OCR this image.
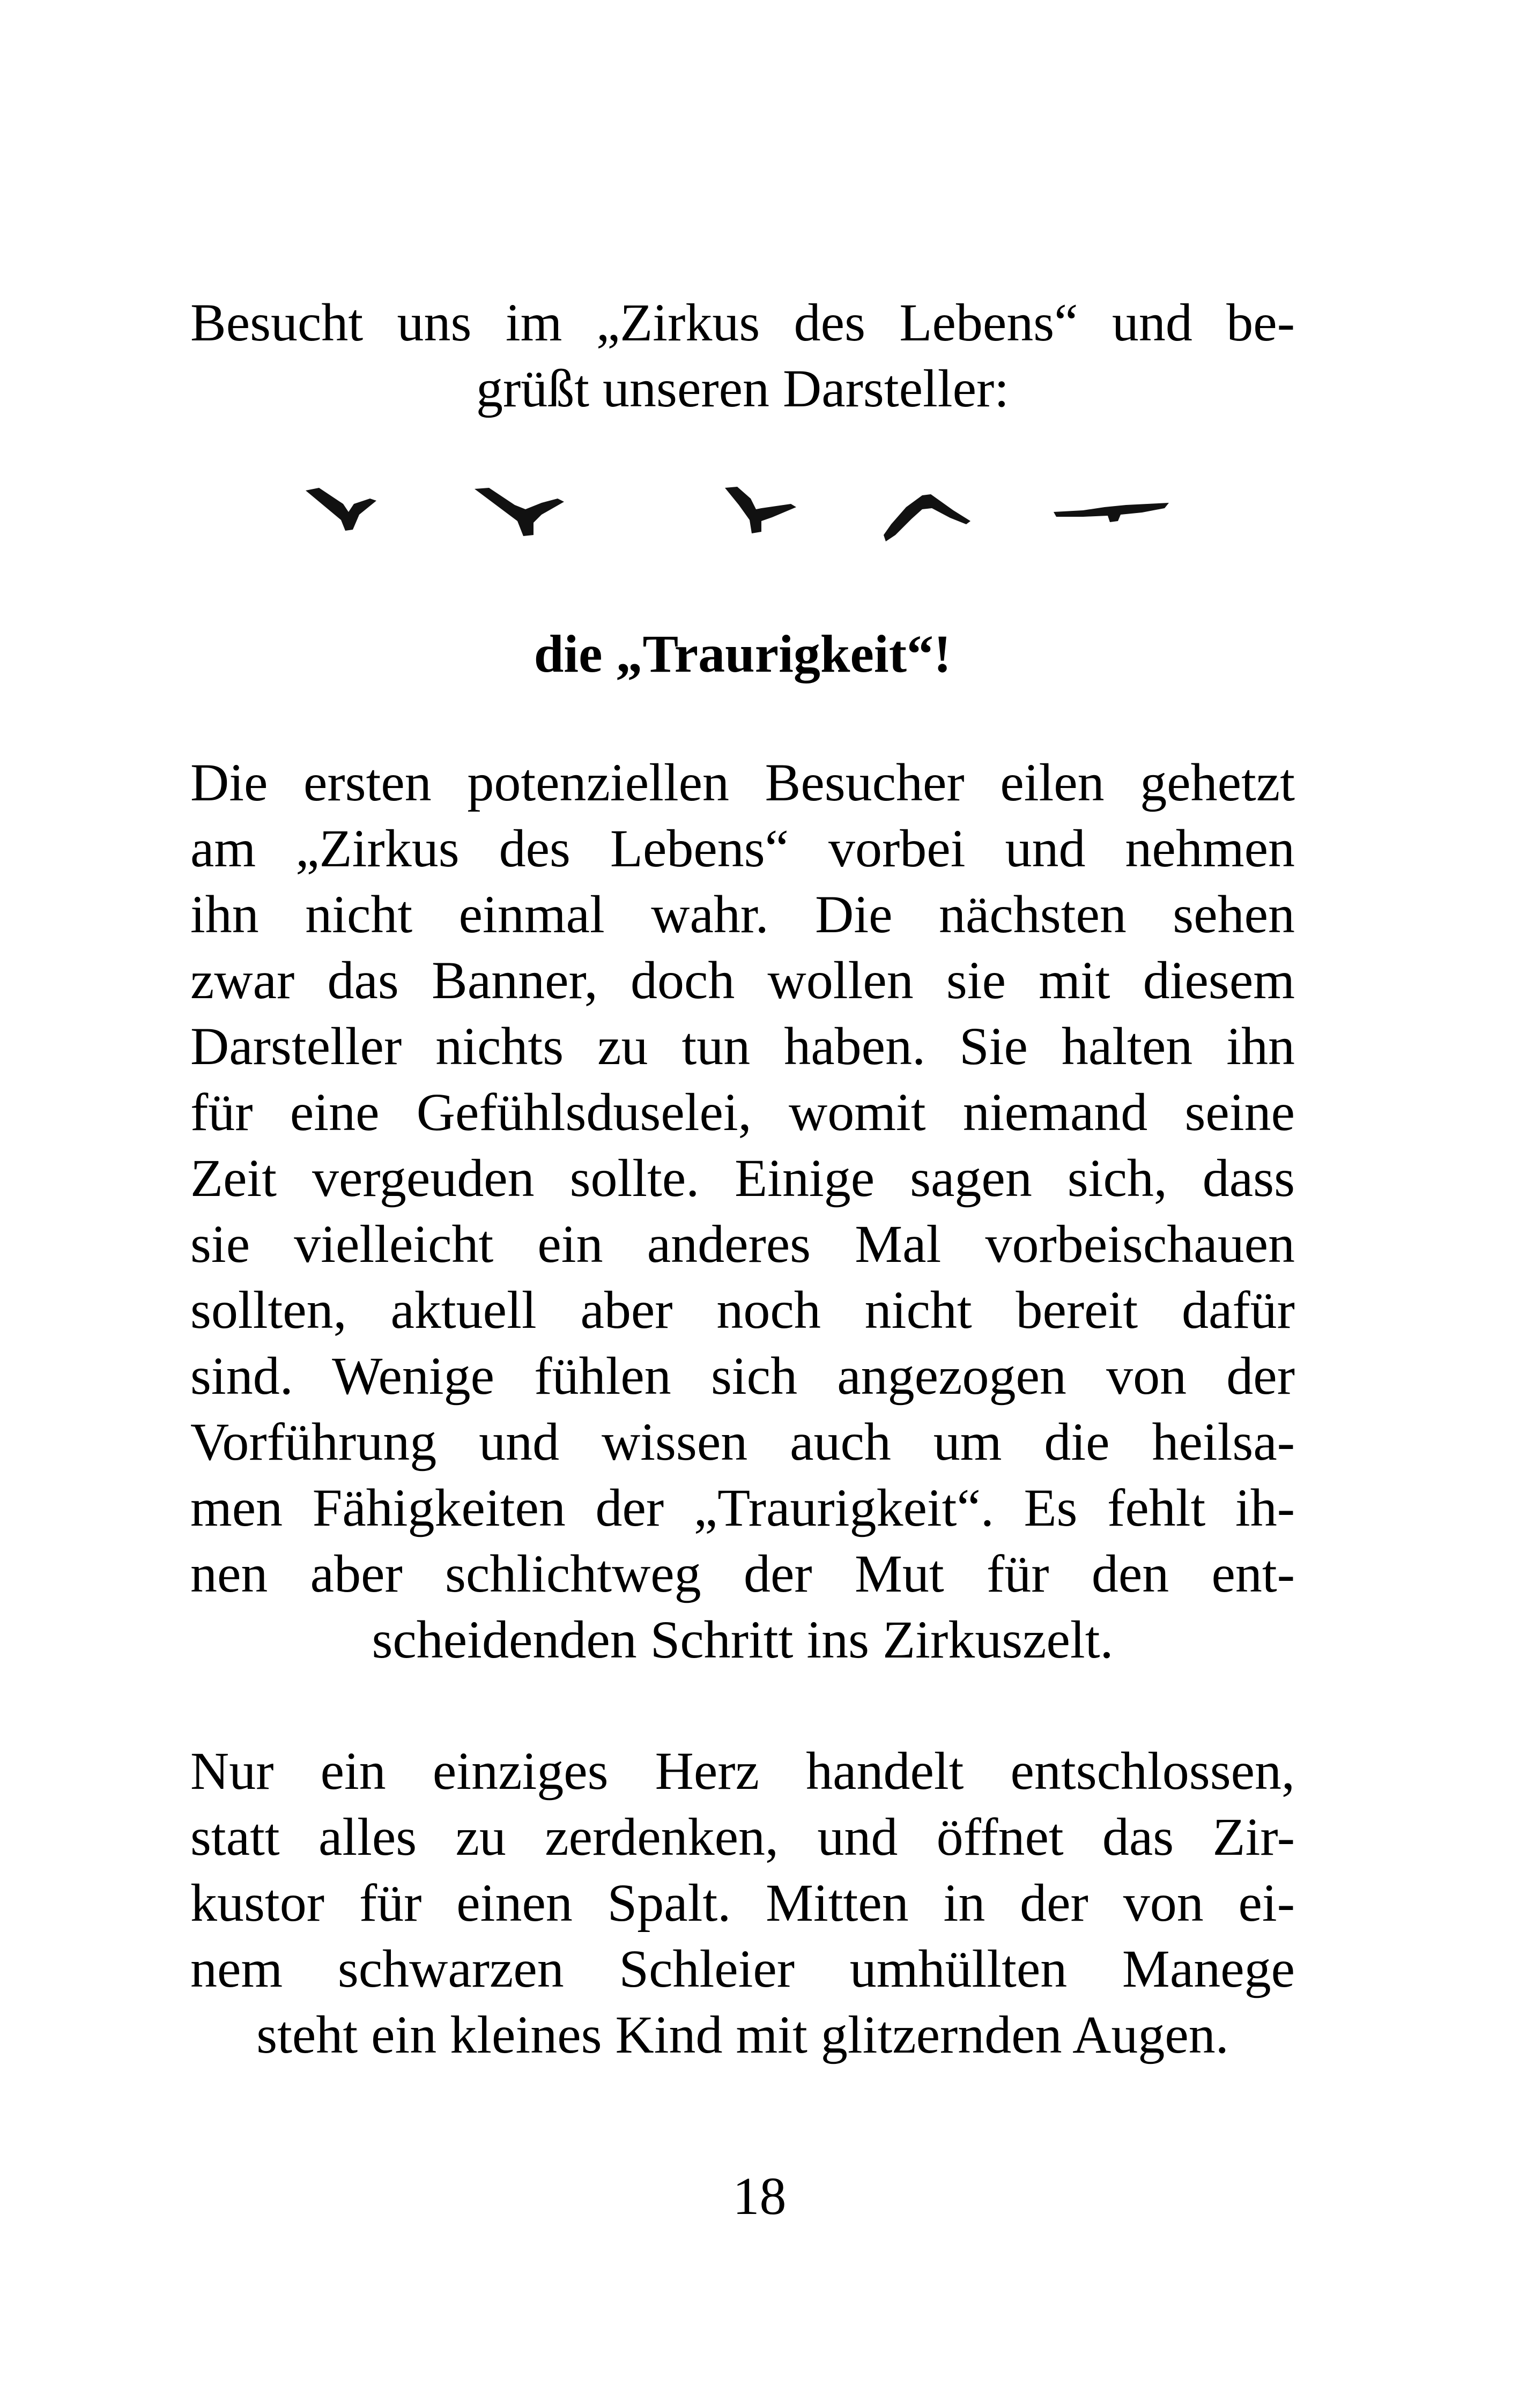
Besucht uns im „Zirkus des Lebens“ und be-
grüßt unseren Darsteller:
die „Traurigkeit“!
Die ersten potenziellen Besucher eilen gehetzt
am „Zirkus des Lebens“ vorbei und nehmen
ihn nicht einmal wahr. Die nächsten sehen
zwar das Banner, doch wollen sie mit diesem
Darsteller nichts zu tun haben. Sie halten ihn
für eine Gefühlsduselei, womit niemand seine
Zeit vergeuden sollte. Einige sagen sich, dass
sie vielleicht ein anderes Mal vorbeischauen
sollten, aktuell aber noch nicht bereit dafür
sind. Wenige fühlen sich angezogen von der
Vorführung und wissen auch um die heilsa-
men Fähigkeiten der „Traurigkeit“. Es fehlt ih-
nen aber schlichtweg der Mut für den ent-
scheidenden Schritt ins Zirkuszelt.
Nur ein einziges Herz handelt entschlossen,
statt alles zu zerdenken, und öffnet das Zir-
kustor für einen Spalt. Mitten in der von ei-
nem schwarzen Schleier umhüllten Manege
steht ein kleines Kind mit glitzernden Augen.
18
